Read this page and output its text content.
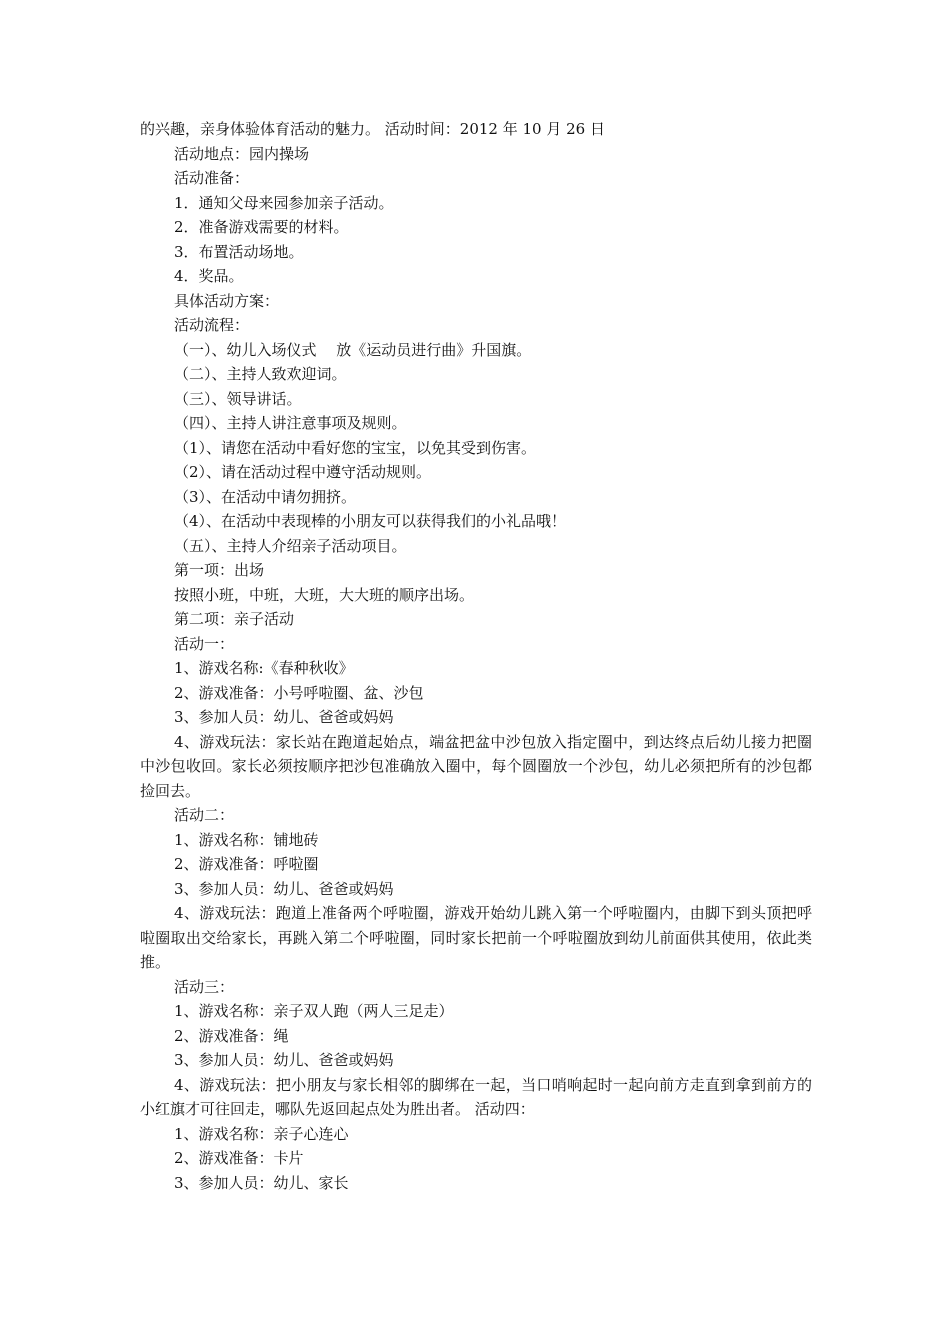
的兴趣，亲身体验体育活动的魅力。 活动时间：2012 年 10 月 26 日

活动地点：园内操场

活动准备：

1．通知父母来园参加亲子活动。

2．准备游戏需要的材料。

3．布置活动场地。

4．奖品。

具体活动方案：

活动流程：

（一）、幼儿入场仪式　 放《运动员进行曲》升国旗。

（二）、主持人致欢迎词。

（三）、领导讲话。

（四）、主持人讲注意事项及规则。

（1）、请您在活动中看好您的宝宝，以免其受到伤害。

（2）、请在活动过程中遵守活动规则。

（3）、在活动中请勿拥挤。

（4）、在活动中表现棒的小朋友可以获得我们的小礼品哦！

（五）、主持人介绍亲子活动项目。

第一项：出场

按照小班，中班，大班，大大班的顺序出场。

第二项：亲子活动

活动一：

1、游戏名称:《春种秋收》

2、游戏准备：小号呼啦圈、盆、沙包

3、参加人员：幼儿、爸爸或妈妈

4、游戏玩法：家长站在跑道起始点，端盆把盆中沙包放入指定圈中，到达终点后幼儿接力把圈中沙包收回。家长必须按顺序把沙包准确放入圈中，每个圆圈放一个沙包，幼儿必须把所有的沙包都捡回去。

活动二：

1、游戏名称：铺地砖

2、游戏准备：呼啦圈

3、参加人员：幼儿、爸爸或妈妈

4、游戏玩法：跑道上准备两个呼啦圈，游戏开始幼儿跳入第一个呼啦圈内，由脚下到头顶把呼啦圈取出交给家长，再跳入第二个呼啦圈，同时家长把前一个呼啦圈放到幼儿前面供其使用，依此类推。

活动三：

1、游戏名称：亲子双人跑（两人三足走）

2、游戏准备：绳

3、参加人员：幼儿、爸爸或妈妈

4、游戏玩法：把小朋友与家长相邻的脚绑在一起，当口哨响起时一起向前方走直到拿到前方的小红旗才可往回走，哪队先返回起点处为胜出者。 活动四：

1、游戏名称：亲子心连心

2、游戏准备：卡片

3、参加人员：幼儿、家长
